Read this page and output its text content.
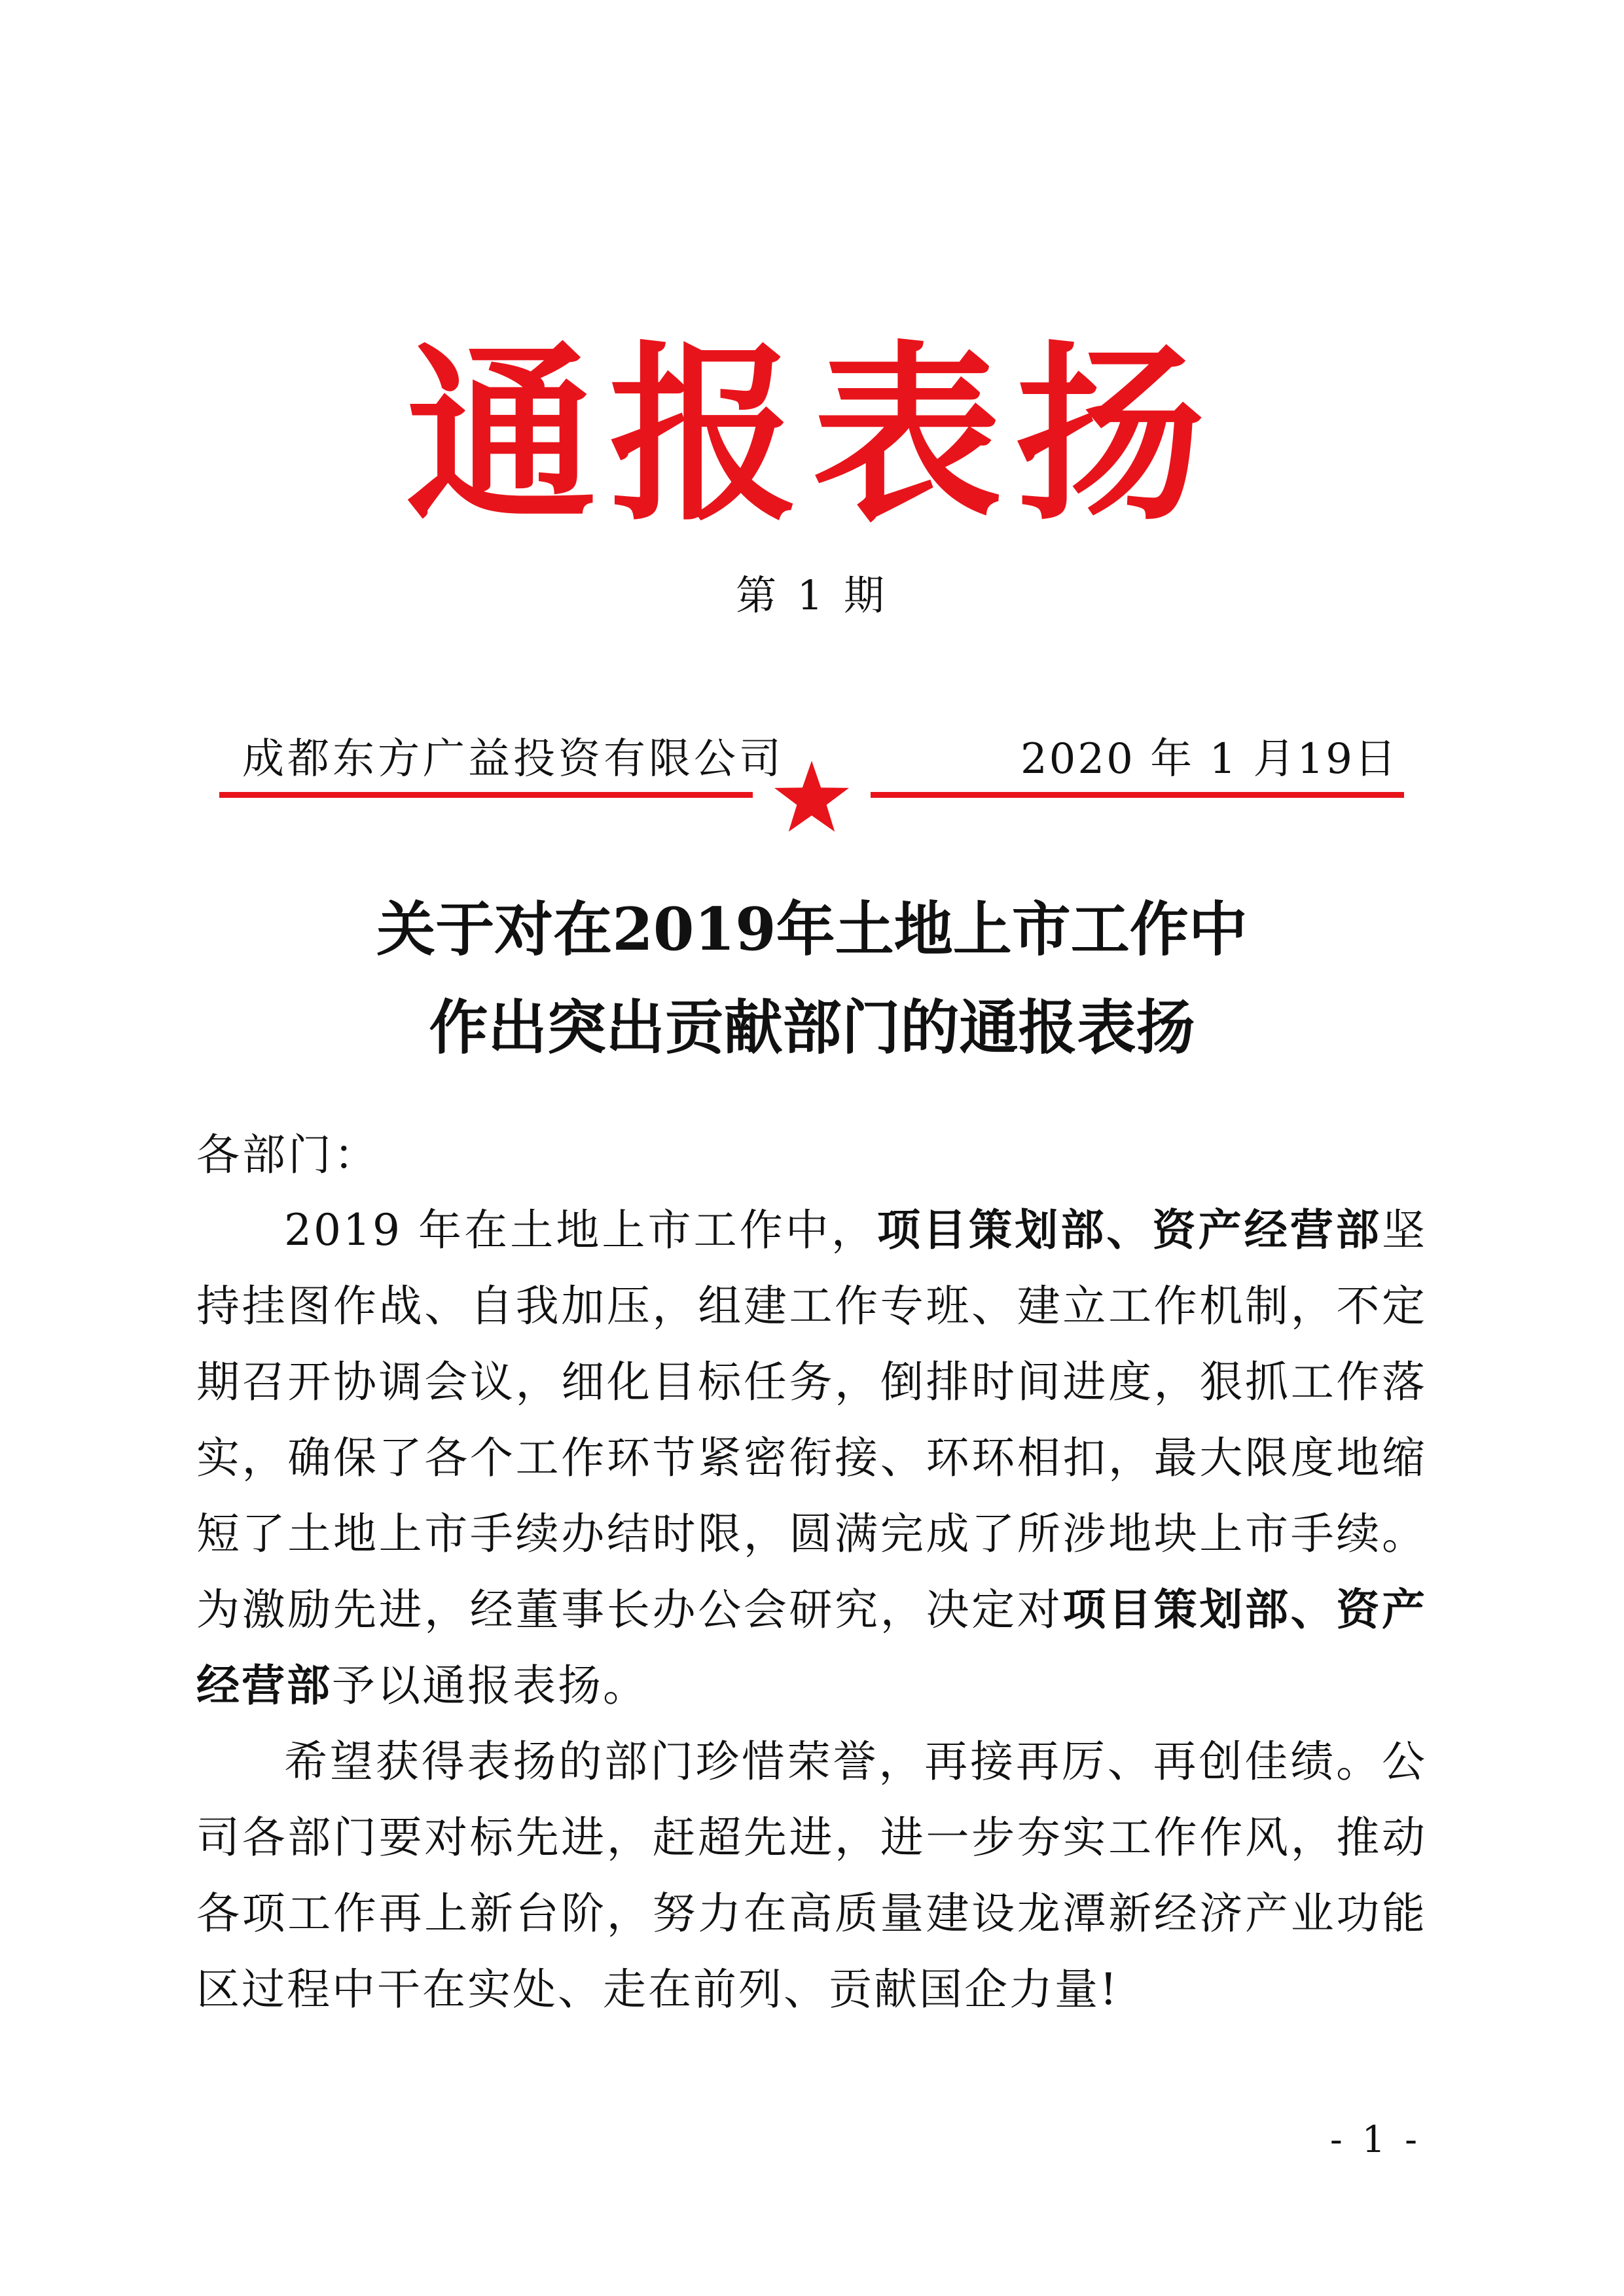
通报表扬
第 1 期
成都东方广益投资有限公司	2020 年 1 月19日
关于对在2019年土地上市工作中
作出突出贡献部门的通报表扬
各部门：

2019 年在土地上市工作中，项目策划部、资产经营部坚持挂图作战、自我加压，组建工作专班、建立工作机制，不定期召开协调会议，细化目标任务，倒排时间进度，狠抓工作落实，确保了各个工作环节紧密衔接、环环相扣，最大限度地缩短了土地上市手续办结时限，圆满完成了所涉地块上市手续。为激励先进，经董事长办公会研究，决定对项目策划部、资产经营部予以通报表扬。

希望获得表扬的部门珍惜荣誉，再接再厉、再创佳绩。公司各部门要对标先进，赶超先进，进一步夯实工作作风，推动各项工作再上新台阶，努力在高质量建设龙潭新经济产业功能区过程中干在实处、走在前列、贡献国企力量!

- 1 -
